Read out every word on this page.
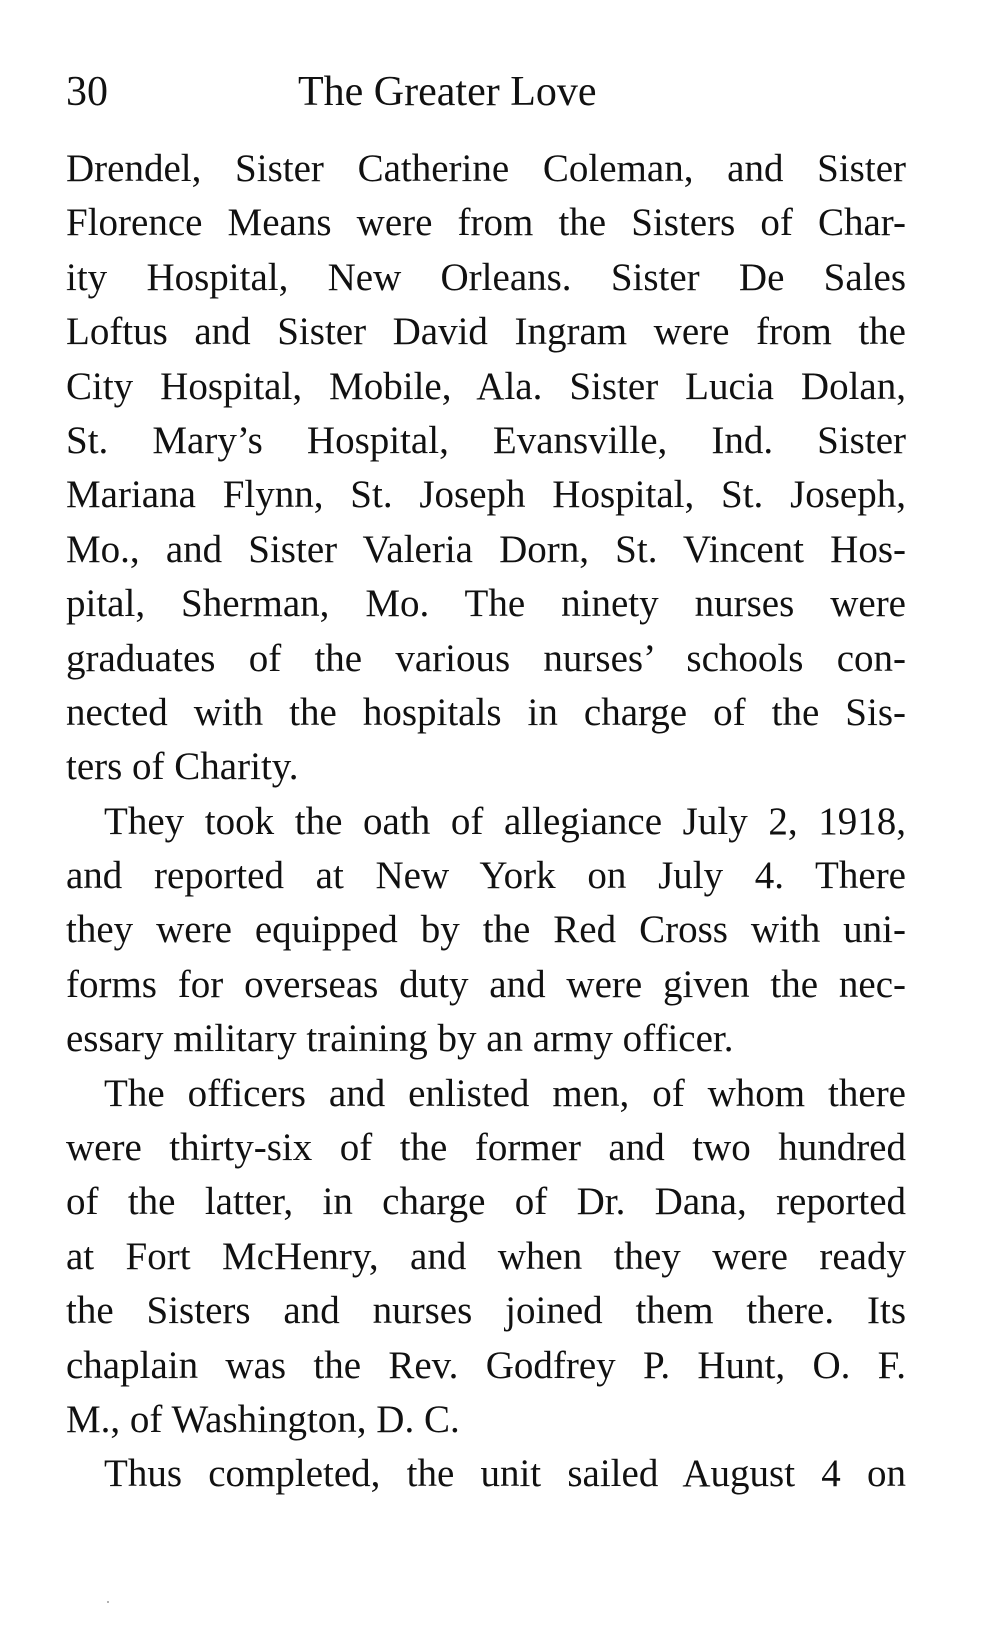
30	The Greater Love
Drendel, Sister Catherine Coleman, and Sister
Florence Means were from the Sisters of Char-
ity Hospital, New Orleans. Sister De Sales
Loftus and Sister David Ingram were from the
City Hospital, Mobile, Ala. Sister Lucia Dolan,
St. Mary’s Hospital, Evansville, Ind. Sister
Mariana Flynn, St. Joseph Hospital, St. Joseph,
Mo., and Sister Valeria Dorn, St. Vincent Hos-
pital, Sherman, Mo. The ninety nurses were
graduates of the various nurses’ schools con-
nected with the hospitals in charge of the Sis-
ters of Charity.
They took the oath of allegiance July 2, 1918,
and reported at New York on July 4. There
they were equipped by the Red Cross with uni-
forms for overseas duty and were given the nec-
essary military training by an army officer.
The officers and enlisted men, of whom there
were thirty-six of the former and two hundred
of the latter, in charge of Dr. Dana, reported
at Fort McHenry, and when they were ready
the Sisters and nurses joined them there. Its
chaplain was the Rev. Godfrey P. Hunt, O. F.
M., of Washington, D. C.
Thus completed, the unit sailed August 4 on
